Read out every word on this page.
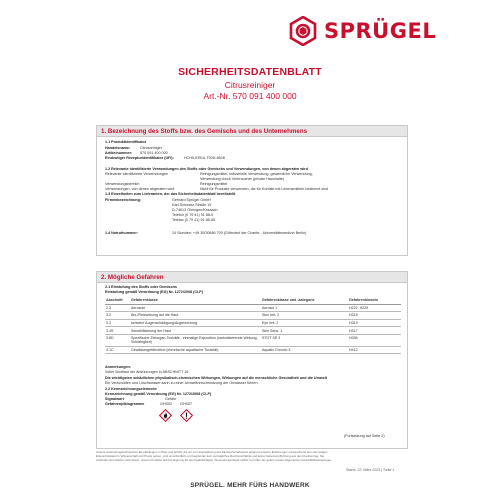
SPRÜGEL
SICHERHEITSDATENBLATT
Citrusreiniger
Art.-Nr. 570 091 400 000
1. Bezeichnung des Stoffs bzw. des Gemischs und des Unternehmens
1.1 Produktidentifikator
Handelsname:	Citrusreiniger
Artikelnummer: 570 091 400 000
Eindeutiger Rezepturidentifikator (UFI):	HCH0-EEKA-T00H-8608
1.2 Relevante identifizierte Verwendungen des Stoffs oder Gemischs und Verwendungen, von denen abgeraten wird
Relevante identifizierte Verwendungen	Reinigungsmittel, industrielle Verwendung, gewerbliche Verwendung,
Verwendung durch Verbraucher (private Haushalte)
Verwendungsbereich	Reinigungsmittel
Verwendungen, von denen abgeraten wird	Nicht für Produkte verwenden, die für Kontakt mit Lebensmitteln bestimmt sind
1.3 Einzelheiten zum Lieferanten, der das Sicherheitsdatenblatt bereitstellt
Firmenbezeichnung:	Gerhard Sprügel GmbH
Karl-Schwarz-Straße 19
D-74613 Öhringen/Kessach
Telefon (0 79 41) 91 88-0
Telefax (0 79 41) 91 88-85
1.4 Notrufnummer:	24 Stunden: +49 30/30686 700 (Giftnotruf der Charité - Universitätsmedizin Berlin)
2. Mögliche Gefahren
2.1 Einstufung des Stoffs oder Gemischs
Einstufung gemäß Verordnung (EG) Nr. 1272/2008 (CLP)
Abschnitt	Gefahrenklasse	Gefahrenklasse und -kategorie	Gefahrenhinweis
2.3	Aerosole	Aerosol 1	H222, H229
3.2	Ätz-/Reizwirkung auf die Haut	Skin Irrit. 2	H315
3.3	schwere Augenschädigung/Augenreizung	Eye Irrit. 2	H319
3.4S	Sensibilisierung der Haut	Skin Sens. 1	H317
3.8D	Spezifische Zielorgan-Toxizität - einmalige Exposition (narkotisierende Wirkung, Schläfrigkeit)	STOT SE 3	H336
4.1C	Gewässergefährdend (chronische aquatische Toxizität)	Aquatic Chronic 3	H412
Anmerkungen:
Voller Wortlaut der Abkürzungen in ABSCHNITT 16
Die wichtigsten schädlichen physikalisch-chemischen Wirkungen, Wirkungen auf die menschliche Gesundheit und die Umwelt
Ein Verschütten und Löschwasser kann zu einer Umweltverschmutzung der Gewässer führen.
2.2 Kennzeichnungselemente
Kennzeichnung gemäß Verordnung (EG) Nr. 1272/2008 (CLP)
Signalwort	Gefahr
Gefahrenpiktogramme	GHS02 GHS07
(Fortsetzung auf Seite 2)
Unsere anwendungstechnischen Empfehlungen in Wort und Schrift, die wir zur Unterstützung des Käufers/Verarbeiters aufgrund unserer Erfahrungen entsprechend dem derzeitigen
Erkenntnisstand in Wissenschaft und Praxis geben, sind unverbindlich und begründen kein vertragliches Rechtsverhältnis und keine Nebenverpflichtung aus dem Kaufvertrag. Sie
entbinden den Käufer nicht davon, unsere Produkte auf ihre Eignung für den beabsichtigten Verwendungszweck selbst zu prüfen. Es gelten unsere Allgemeinen Geschäftsbedingungen.
Stand: 22. März 2023 | Seite 1
SPRÜGEL. MEHR FÜRS HANDWERK
